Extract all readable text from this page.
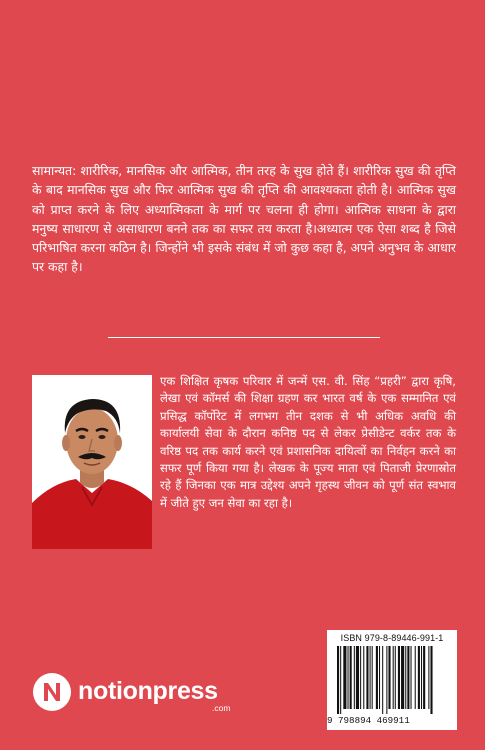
सामान्यत: शारीरिक, मानसिक और आत्मिक, तीन तरह के सुख होते हैं। शारीरिक सुख की तृप्ति के बाद मानसिक सुख और फिर आत्मिक सुख की तृप्ति की आवश्यकता होती है। आत्मिक सुख को प्राप्त करने के लिए अध्यात्मिकता के मार्ग पर चलना ही होगा। आत्मिक साधना के द्वारा मनुष्य साधारण से असाधारण बनने तक का सफर तय करता है।अध्यात्म एक ऐसा शब्द है जिसे परिभाषित करना कठिन है। जिन्होंने भी इसके संबंध में जो कुछ कहा है, अपने अनुभव के आधार पर कहा है।

एक शिक्षित कृषक परिवार में जन्में एस. वी. सिंह “प्रहरी” द्वारा कृषि, लेखा एवं कॉमर्स की शिक्षा ग्रहण कर भारत वर्ष के एक सम्मानित एवं प्रसिद्ध कॉर्पोरेट में लगभग तीन दशक से भी अधिक अवधि की कार्यालयी सेवा के दौरान कनिष्ठ पद से लेकर प्रेसीडेन्ट वर्कर तक के वरिष्ठ पद तक कार्य करने एवं प्रशासनिक दायित्वों का निर्वहन करने का सफर पूर्ण किया गया है। लेखक के पूज्य माता एवं पिताजी प्रेरणास्रोत रहे हैं जिनका एक मात्र उद्देश्य अपने गृहस्थ जीवन को पूर्ण संत स्वभाव में जीते हुए जन सेवा का रहा है।

ISBN 979-8-89446-991-1
9 798894 469911
notionpress
.com
